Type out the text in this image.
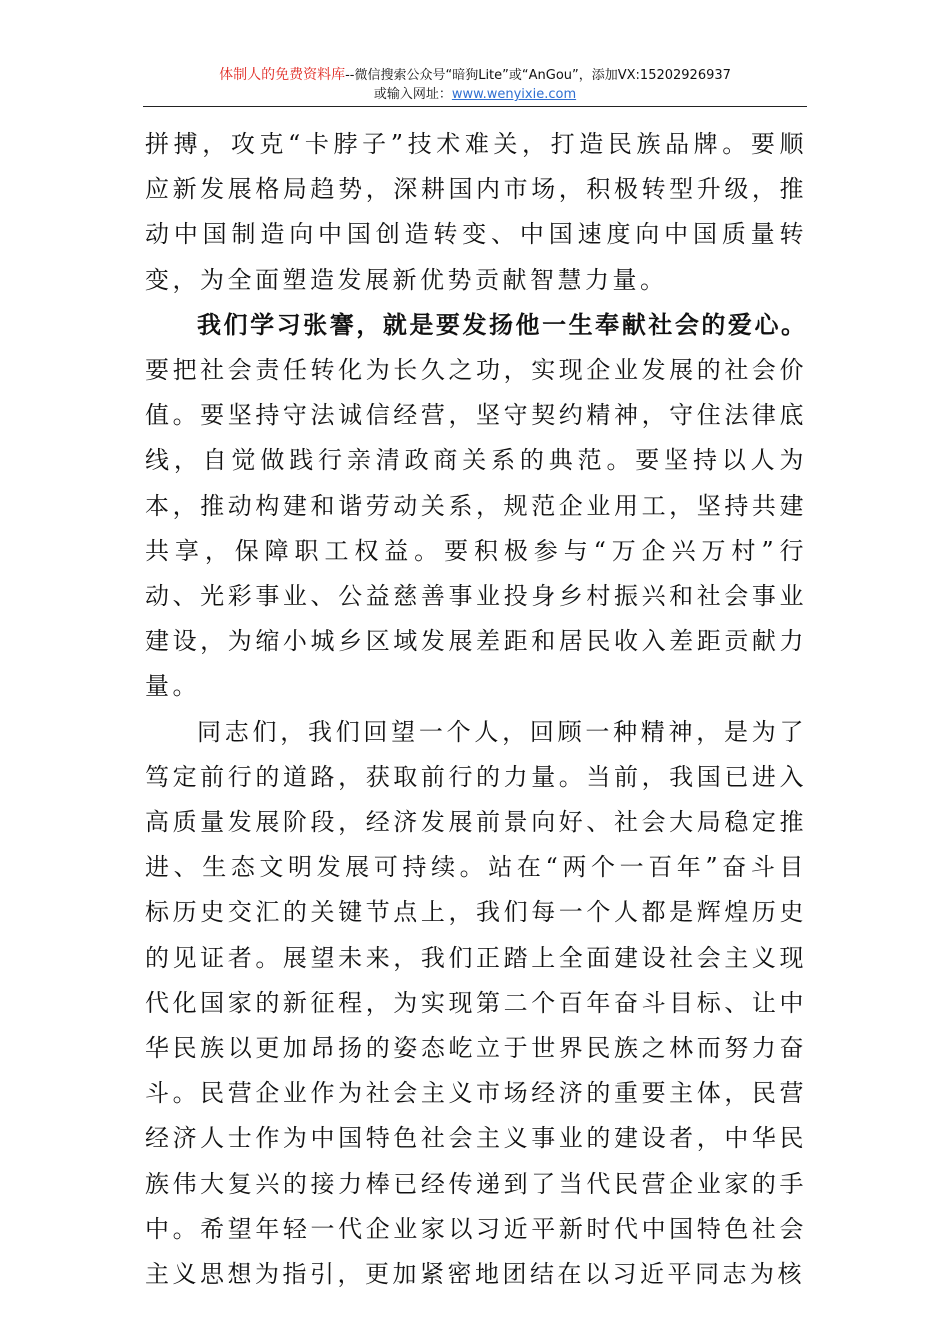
体制人的免费资料库--微信搜索公众号“暗狗Lite”或“AnGou”，添加VX:15202926937
或输入网址：www.wenyixie.com

拼搏，攻克“卡脖子”技术难关，打造民族品牌。要顺应新发展格局趋势，深耕国内市场，积极转型升级，推动中国制造向中国创造转变、中国速度向中国质量转变，为全面塑造发展新优势贡献智慧力量。

我们学习张謇，就是要发扬他一生奉献社会的爱心。要把社会责任转化为长久之功，实现企业发展的社会价值。要坚持守法诚信经营，坚守契约精神，守住法律底线，自觉做践行亲清政商关系的典范。要坚持以人为本，推动构建和谐劳动关系，规范企业用工，坚持共建共享，保障职工权益。要积极参与“万企兴万村”行动、光彩事业、公益慈善事业投身乡村振兴和社会事业建设，为缩小城乡区域发展差距和居民收入差距贡献力量。

同志们，我们回望一个人，回顾一种精神，是为了笃定前行的道路，获取前行的力量。当前，我国已进入高质量发展阶段，经济发展前景向好、社会大局稳定推进、生态文明发展可持续。站在“两个一百年”奋斗目标历史交汇的关键节点上，我们每一个人都是辉煌历史的见证者。展望未来，我们正踏上全面建设社会主义现代化国家的新征程，为实现第二个百年奋斗目标、让中华民族以更加昂扬的姿态屹立于世界民族之林而努力奋斗。民营企业作为社会主义市场经济的重要主体，民营经济人士作为中国特色社会主义事业的建设者，中华民族伟大复兴的接力棒已经传递到了当代民营企业家的手中。希望年轻一代企业家以习近平新时代中国特色社会主义思想为指引，更加紧密地团结在以习近平同志为核
